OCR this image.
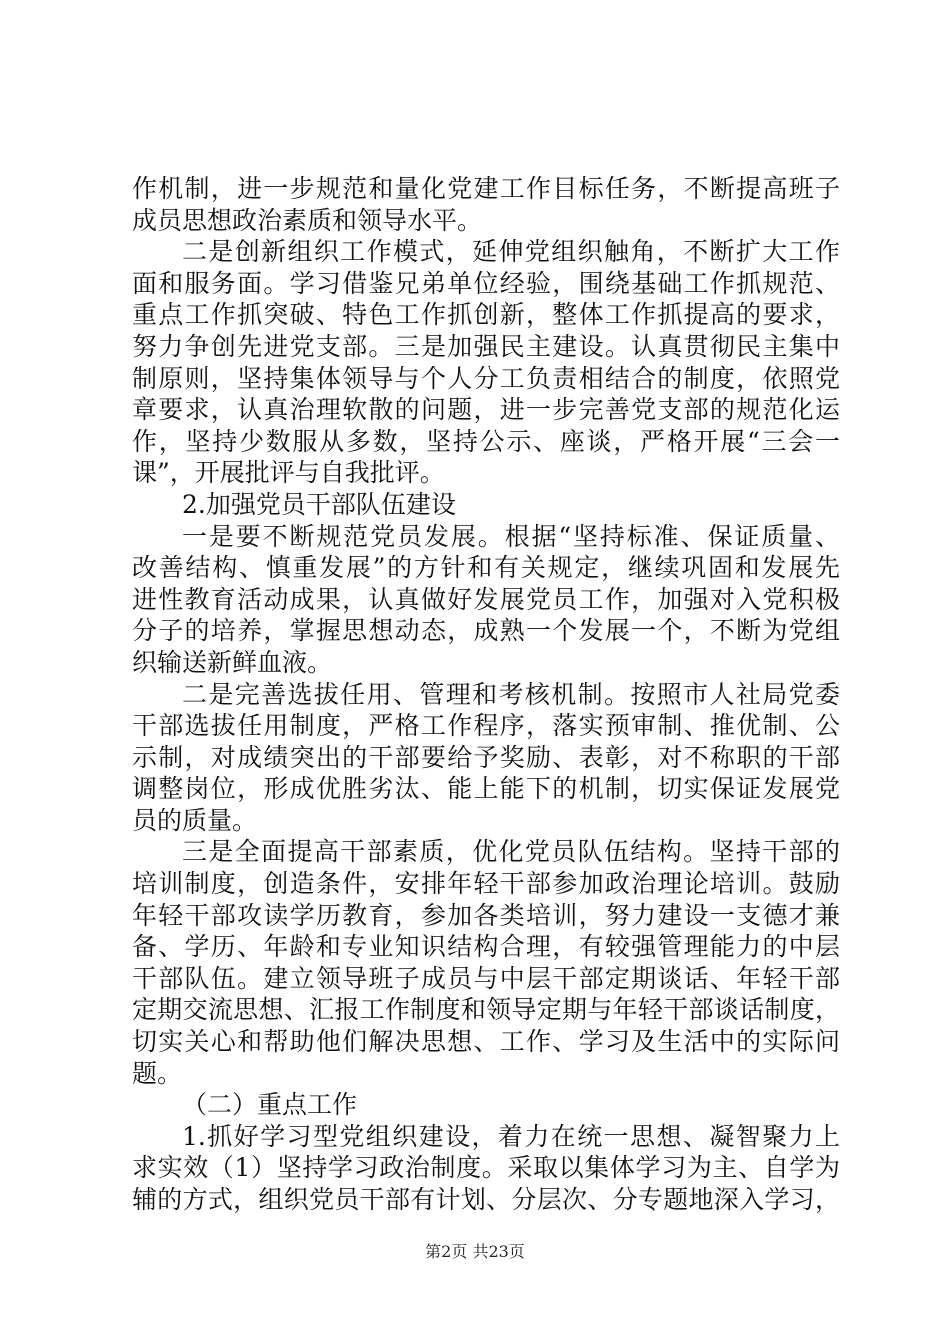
作机制，进一步规范和量化党建工作目标任务，不断提高班子
成员思想政治素质和领导水平。
二是创新组织工作模式，延伸党组织触角，不断扩大工作
面和服务面。学习借鉴兄弟单位经验，围绕基础工作抓规范、
重点工作抓突破、特色工作抓创新，整体工作抓提高的要求，
努力争创先进党支部。三是加强民主建设。认真贯彻民主集中
制原则，坚持集体领导与个人分工负责相结合的制度，依照党
章要求，认真治理软散的问题，进一步完善党支部的规范化运
作，坚持少数服从多数，坚持公示、座谈，严格开展“三会一
课”，开展批评与自我批评。
2.加强党员干部队伍建设
一是要不断规范党员发展。根据“坚持标准、保证质量、
改善结构、慎重发展”的方针和有关规定，继续巩固和发展先
进性教育活动成果，认真做好发展党员工作，加强对入党积极
分子的培养，掌握思想动态，成熟一个发展一个，不断为党组
织输送新鲜血液。
二是完善选拔任用、管理和考核机制。按照市人社局党委
干部选拔任用制度，严格工作程序，落实预审制、推优制、公
示制，对成绩突出的干部要给予奖励、表彰，对不称职的干部
调整岗位，形成优胜劣汰、能上能下的机制，切实保证发展党
员的质量。
三是全面提高干部素质，优化党员队伍结构。坚持干部的
培训制度，创造条件，安排年轻干部参加政治理论培训。鼓励
年轻干部攻读学历教育，参加各类培训，努力建设一支德才兼
备、学历、年龄和专业知识结构合理，有较强管理能力的中层
干部队伍。建立领导班子成员与中层干部定期谈话、年轻干部
定期交流思想、汇报工作制度和领导定期与年轻干部谈话制度，
切实关心和帮助他们解决思想、工作、学习及生活中的实际问
题。
（二）重点工作
1.抓好学习型党组织建设，着力在统一思想、凝智聚力上
求实效（1）坚持学习政治制度。采取以集体学习为主、自学为
辅的方式，组织党员干部有计划、分层次、分专题地深入学习，
第2页 共23页
